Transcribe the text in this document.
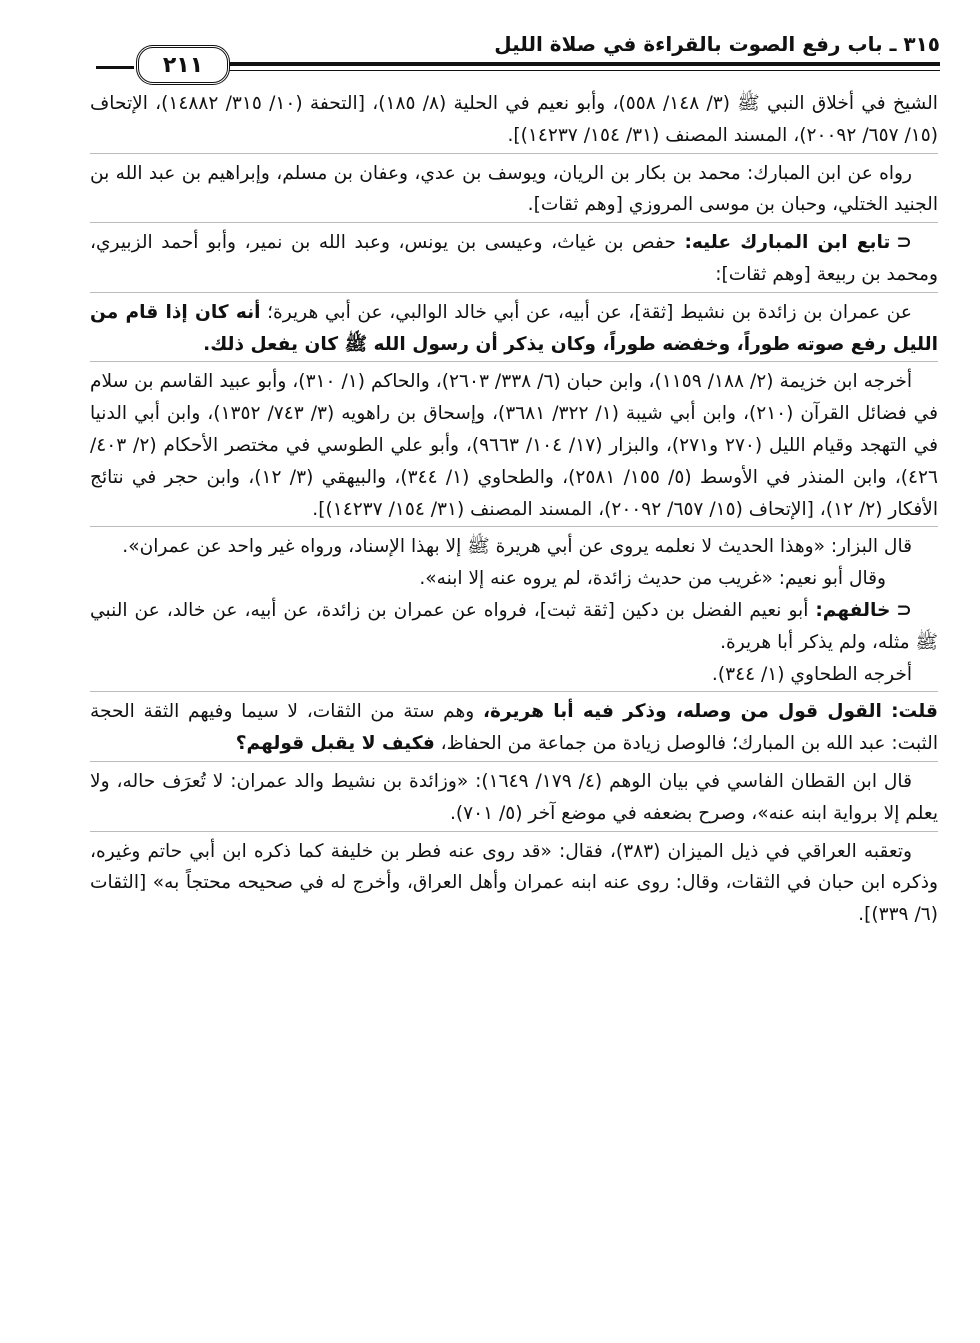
٣١٥ ـ باب رفع الصوت بالقراءة في صلاة الليل
٢١١

الشيخ في أخلاق النبي ﷺ (٣/ ١٤٨/ ٥٥٨)، وأبو نعيم في الحلية (٨/ ١٨٥)، [التحفة (١٠/ ٣١٥/ ١٤٨٨٢)، الإتحاف (١٥/ ٦٥٧/ ٢٠٠٩٢)، المسند المصنف (٣١/ ١٥٤/ ١٤٢٣٧)].

رواه عن ابن المبارك: محمد بن بكار بن الريان، ويوسف بن عدي، وعفان بن مسلم، وإبراهيم بن عبد الله بن الجنيد الختلي، وحبان بن موسى المروزي [وهم ثقات].

⊂تابع ابن المبارك عليه: حفص بن غياث، وعيسى بن يونس، وعبد الله بن نمير، وأبو أحمد الزبيري، ومحمد بن ربيعة [وهم ثقات]:

عن عمران بن زائدة بن نشيط [ثقة]، عن أبيه، عن أبي خالد الوالبي، عن أبي هريرة؛ أنه كان إذا قام من الليل رفع صوته طوراً، وخفضه طوراً، وكان يذكر أن رسول الله ﷺ كان يفعل ذلك.

أخرجه ابن خزيمة (٢/ ١٨٨/ ١١٥٩)، وابن حبان (٦/ ٣٣٨/ ٢٦٠٣)، والحاكم (١/ ٣١٠)، وأبو عبيد القاسم بن سلام في فضائل القرآن (٢١٠)، وابن أبي شيبة (١/ ٣٢٢/ ٣٦٨١)، وإسحاق بن راهويه (٣/ ٧٤٣/ ١٣٥٢)، وابن أبي الدنيا في التهجد وقيام الليل (٢٧٠ و٢٧١)، والبزار (١٧/ ١٠٤/ ٩٦٦٣)، وأبو علي الطوسي في مختصر الأحكام (٢/ ٤٠٣/ ٤٢٦)، وابن المنذر في الأوسط (٥/ ١٥٥/ ٢٥٨١)، والطحاوي (١/ ٣٤٤)، والبيهقي (٣/ ١٢)، وابن حجر في نتائج الأفكار (٢/ ١٢)، [الإتحاف (١٥/ ٦٥٧/ ٢٠٠٩٢)، المسند المصنف (٣١/ ١٥٤/ ١٤٢٣٧)].

قال البزار: «وهذا الحديث لا نعلمه يروى عن أبي هريرة ﷺ إلا بهذا الإسناد، ورواه غير واحد عن عمران».

وقال أبو نعيم: «غريب من حديث زائدة، لم يروه عنه إلا ابنه».

⊂خالفهم: أبو نعيم الفضل بن دكين [ثقة ثبت]، فرواه عن عمران بن زائدة، عن أبيه، عن خالد، عن النبي ﷺ مثله، ولم يذكر أبا هريرة.

أخرجه الطحاوي (١/ ٣٤٤).

قلت: القول قول من وصله، وذكر فيه أبا هريرة، وهم ستة من الثقات، لا سيما وفيهم الثقة الحجة الثبت: عبد الله بن المبارك؛ فالوصل زيادة من جماعة من الحفاظ، فكيف لا يقبل قولهم؟

قال ابن القطان الفاسي في بيان الوهم (٤/ ١٧٩/ ١٦٤٩): «وزائدة بن نشيط والد عمران: لا تُعرَف حاله، ولا يعلم إلا برواية ابنه عنه»، وصرح بضعفه في موضع آخر (٥/ ٧٠١).

وتعقبه العراقي في ذيل الميزان (٣٨٣)، فقال: «قد روى عنه فطر بن خليفة كما ذكره ابن أبي حاتم وغيره، وذكره ابن حبان في الثقات، وقال: روى عنه ابنه عمران وأهل العراق، وأخرج له في صحيحه محتجاً به» [الثقات (٦/ ٣٣٩)].
